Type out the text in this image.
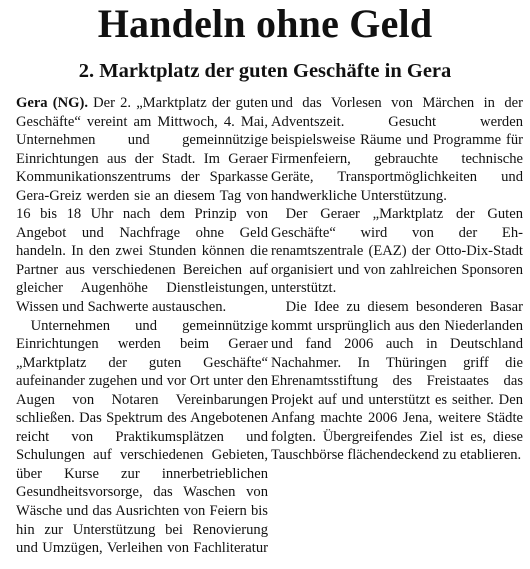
Handeln ohne Geld
2. Marktplatz der guten Geschäfte in Gera

Gera (NG). Der 2. „Marktplatz der guten Geschäfte“ vereint am Mittwoch, 4. Mai, Unternehmen und gemeinnützige Einrichtungen aus der Stadt. Im Geraer Kommunikationszentrums der Sparkasse Gera-Greiz werden sie an diesem Tag von 16 bis 18 Uhr nach dem Prinzip von Angebot und Nachfrage ohne Geld handeln. In den zwei Stunden können die Partner aus verschiedenen Bereichen auf gleicher Augenhöhe Dienstleistungen, Wissen und Sachwerte austauschen.

Unternehmen und gemeinnützige Einrichtungen werden beim Geraer „Marktplatz der guten Geschäfte“ aufeinander zugehen und vor Ort unter den Augen von Notaren Vereinbarungen schließen. Das Spektrum des Angebotenen reicht von Praktikumsplätzen und Schulungen auf verschiedenen Gebieten, über Kurse zur innerbetrieblichen Gesundheitsvorsorge, das Waschen von Wäsche und das Ausrichten von Feiern bis hin zur Unterstützung bei Renovierung und Umzügen, Verleihen von Fachliteratur

und das Vorlesen von Märchen in der Adventszeit. Gesucht werden beispielsweise Räume und Programme für Firmenfeiern, gebrauchte technische Geräte, Transportmöglichkeiten und handwerkliche Unterstützung.

Der Geraer „Marktplatz der Guten Geschäfte“ wird von der Ehrenamtszentrale (EAZ) der Otto-Dix-Stadt organisiert und von zahlreichen Sponsoren unterstützt.

Die Idee zu diesem besonderen Basar kommt ursprünglich aus den Niederlanden und fand 2006 auch in Deutschland Nachahmer. In Thüringen griff die Ehrenamtsstiftung des Freistaates das Projekt auf und unterstützt es seither. Den Anfang machte 2006 Jena, weitere Städte folgten. Übergreifendes Ziel ist es, diese Tauschbörse flächendeckend zu etablieren.
